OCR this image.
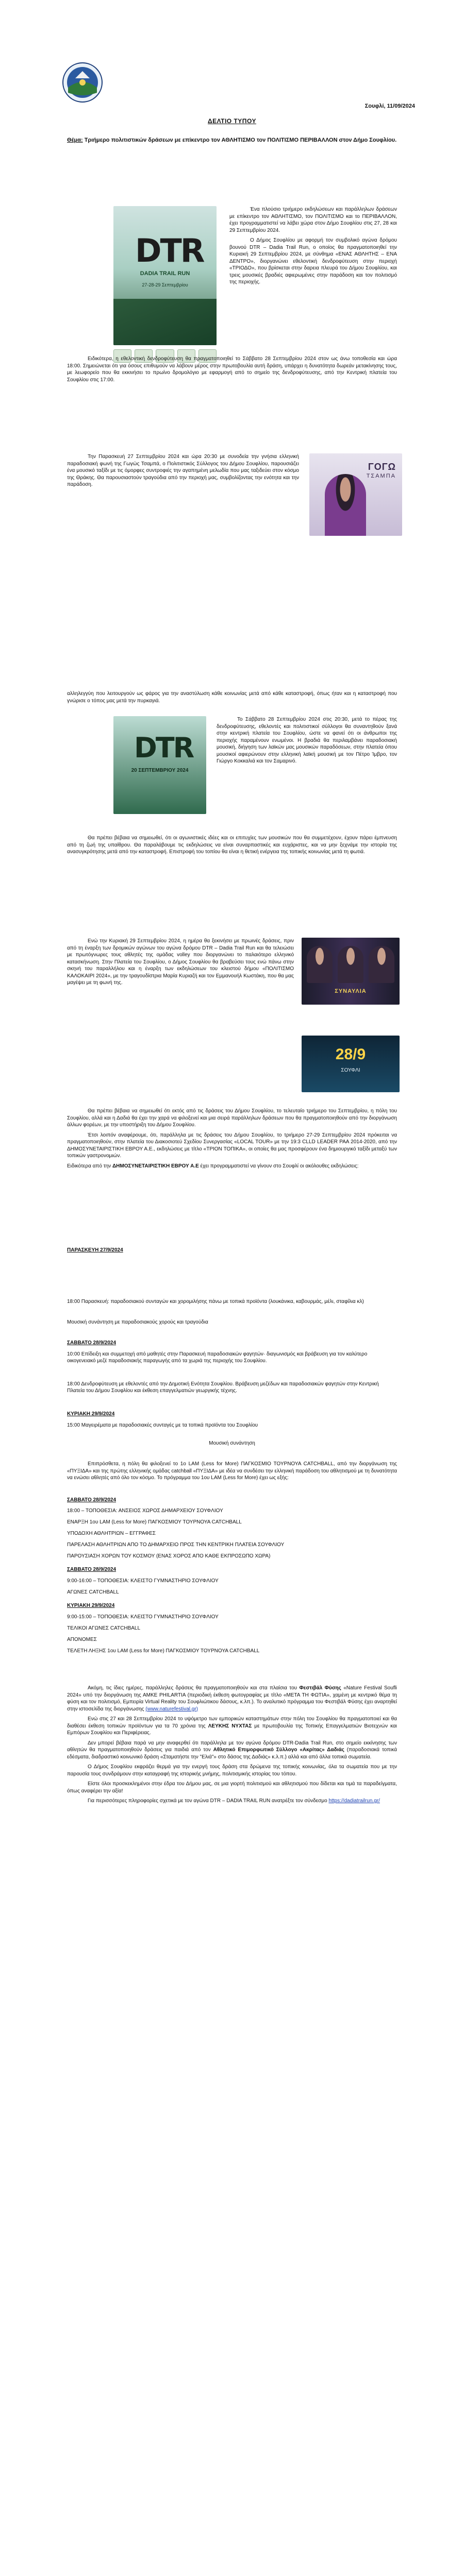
Σουφλί, 11/09/2024
ΔΕΛΤΙΟ ΤΥΠΟΥ
Θέμα: Τριήμερο πολιτιστικών δράσεων με επίκεντρο τον ΑΘΛΗΤΙΣΜΟ τον ΠΟΛΙΤΙΣΜΟ ΠΕΡΙΒΑΛΛΟΝ στον Δήμο Σουφλίου.
DTR
DADIA TRAIL RUN
27-28-29 Σεπτεμβρίου

Ένα πλούσιο τριήμερο εκδηλώσεων και παράλληλων δράσεων με επίκεντρο τον ΑΘΛΗΤΙΣΜΟ, τον ΠΟΛΙΤΙΣΜΟ και το ΠΕΡΙΒΑΛΛΟΝ, έχει προγραμματιστεί να λάβει χώρα στον Δήμο Σουφλίου στις 27, 28 και 29 Σεπτεμβρίου 2024.

Ο Δήμος Σουφλίου με αφορμή τον συμβολικό αγώνα δρόμου βουνού DTR – Dadia Trail Run, ο οποίος θα πραγματοποιηθεί την Κυριακή 29 Σεπτεμβρίου 2024, με σύνθημα «ΕΝΑΣ ΑΘΛΗΤΗΣ – ΕΝΑ ΔΕΝΤΡΟ», διοργανώνει εθελοντική δενδροφύτευση στην περιοχή «ΤΡΙΟΔΟ», που βρίσκεται στην δαρεια πλευρά του Δήμου Σουφλίου, και τρεις μουσικές βραδιές αφιερωμένες στην παράδοση και τον πολιτισμό της περιοχής.

Ειδικότερα, η εθελοντική δενδροφύτευση θα πραγματοποιηθεί το Σάββατο 28 Σεπτεμβρίου 2024 στον ως άνω τοποθεσία και ώρα 18:00. Σημειώνεται ότι για όσους επιθυμούν να λάβουν μέρος στην πρωτοβουλία αυτή δράση, υπάρχει η δυνατότητα δωρεάν μετακίνησης τους, με λεωφορείο που θα εκκινήσει το πρωίνο δρομολόγιο με εφαρμογή από το σημείο της δενδροφύτευσης, από την Κεντρική πλατεία του Σουφλίου στις 17:00.

ΓΟΓΩ
ΤΣΑΜΠΑ

Την Παρασκευή 27 Σεπτεμβρίου 2024 και ώρα 20:30 με συνοδεία την γνήσια ελληνική παραδοσιακή φωνή της Γωγώς Τσαμπά, ο Πολιτιστικός Σύλλογος του Δήμου Σουφλίου, παρουσιάζει ένα μουσικό ταξίδι με τις όμορφες συντροφιές την αγαπημένη μελωδία που μας ταξιδεύει στον κόσμο της Θράκης. Θα παρουσιαστούν τραγούδια από την περιοχή μας, συμβολίζοντας την ενότητα και την παράδοση.

αλληλεγγύη που λειτουργούν ως φάρος για την αναστύλωση κάθε κοινωνίας μετά από κάθε καταστροφή, όπως ήταν και η καταστροφή που γνώρισε ο τόπος μας μετά την πυρκαγιά.

DTR
20 ΣΕΠΤΕΜΒΡΙΟΥ 2024

Το Σάββατο 28 Σεπτεμβρίου 2024 στις 20:30, μετά το πέρας της δενδροφύτευσης, εθελοντές και πολιτιστικοί σύλλογοι θα συναντηθούν ξανά στην κεντρική πλατεία του Σουφλίου, ώστε να φανεί ότι οι άνθρωποι της περιοχής παραμένουν ενωμένοι. Η βραδιά θα περιλαμβάνει παραδοσιακή μουσική, διήγηση των λαϊκών μας μουσικών παραδόσεων, στην πλατεία όπου μουσικοί αφιερώνουν στην ελληνική λαϊκή μουσική με τον Πέτρο Ίμβρο, τον Γιώργο Κοκκαλιά και τον Σαμαρινό.

Θα πρέπει βέβαια να σημειωθεί, ότι οι αγωνιστικές ιδέες και οι επιτυχίες των μουσικών που θα συμμετέχουν, έχουν πάρει έμπνευση από τη ζωή της υπαίθρου. Θα παραλάβουμε τις εκδηλώσεις να είναι συναρπαστικές και ευχάριστες, και να μην ξεχνάμε την ιστορία της ανασυγκρότησης μετά από την καταστροφή. Επιστροφή του τοπίου θα είναι η θετική ενέργεια της τοπικής κοινωνίας μετά τη φωτιά.

Ενώ την Κυριακή 29 Σεπτεμβρίου 2024, η ημέρα θα ξεκινήσει με πρωινές δράσεις, πριν από τη έναρξη των δρομικών αγώνων του αγώνα δρόμου DTR – Dadia Trail Run και θα τελειώσει με πρωτόγνωρες τους αθλητές της ομάδας volley που διοργανώνει το παλαιότερο ελληνικό κατασκήνωση. Στην Πλατεία του Σουφλίου, ο Δήμος Σουφλίου θα βραβεύσει τους ενώ πάνω στην σκηνή του παραλλήλου και η έναρξη των εκδηλώσεων του κλειστού δήμου «ΠΟΛΙΤΙΣΜΟ ΚΑΛΟΚΑΙΡΙ 2024», με την τραγουδίστρια Μαρία Κυριαζή και τον Εμμανουήλ Κωστάκη, που θα μας μαγέψει με τη φωνή της.

ΣΥΝΑΥΛΙΑ
28/9
ΣΟΥΦΛΙ

Θα πρέπει βέβαια να σημειωθεί ότι εκτός από τις δράσεις του Δήμου Σουφλίου, το τελευταίο τριήμερο του Σεπτεμβρίου, η πόλη του Σουφλίου, αλλά και η Δαδιά θα έχει την χαρά να φιλοξενεί και μια σειρά παράλληλων δράσεων που θα πραγματοποιηθούν από την διοργάνωση άλλων φορέων, με την υποστήριξη του Δήμου Σουφλίου.

Έτσι λοιπόν αναφέρουμε, ότι, παράλληλα με τις δράσεις του Δήμου Σουφλίου, το τριήμερο 27-29 Σεπτεμβρίου 2024 πρόκειται να πραγματοποιηθούν, στην πλατεία του Διακοσιοτεύ Σχεδίου Συνεργασίας «LOCAL TOUR» με την 19:3 CLLD LEADER PAA 2014-2020, από την ΔΗΜΟΣΥΝΕΤΑΙΡΙΣΤΙΚΗ ΕΒΡΟΥ Α.Ε., εκδηλώσεις με τίτλο «ΤΡΙΟΝ ΤΟΠΙΚΑ», οι οποίες θα μας προσφέρουν ένα δημιουργικό ταξίδι μεταξύ των τοπικών γαστρονομιών.

Ειδικότερα από την ΔΗΜΟΣΥΝΕΤΑΙΡΙΣΤΙΚΗ ΕΒΡΟΥ Α.Ε έχει προγραμματιστεί να γίνουν στο Σουφλί οι ακόλουθες εκδηλώσεις:

ΠΑΡΑΣΚΕΥΗ 27/9/2024
18:00 Παρασκευή: παραδοσιακού συνταγών και χορομιλήσης πάνω με τοπικά προϊόντα (λουκάνικα, καβουρμάς, μέλι, σταφίλια κλ)
Μουσική συνάντηση με παραδοσιακούς χορούς και τραγούδια
ΣΑΒΒΑΤΟ 28/9/2024
10:00 Επίδειξη και συμμετοχή από μαθητές στην Παρασκευή παραδοσιακών φαγητών· διαγωνισμός και βράβευση για τον καλύτερο οικογενειακό μεζέ παραδοσιακής παραγωγής από τα χωριά της περιοχής του Σουφλίου.
18:00 Δενδροφύτευση με εθελοντές από την Δημοτική Ενότητα Σουφλίου. Βράβευση μεζέδων και παραδοσιακών φαγητών στην Κεντρική Πλατεία του Δήμου Σουφλίου και έκθεση επαγγελματιών γεωργικής τέχνης.
ΚΥΡΙΑΚΗ 29/9/2024
15:00 Μαγειρέματα με παραδοσιακές συνταγές με τα τοπικά προϊόντα του Σουφλίου
Μουσική συνάντηση

Επιπρόσθετα, η πόλη θα φιλοξενεί το 1ο LAM (Less for More) ΠΑΓΚΟΣΜΙΟ ΤΟΥΡΝΟΥΑ CATCHBALL, από την διοργάνωση της «ΠΥΞΙΔΑ» και της πρώτης ελληνικής ομάδας catchball «ΠΥΞΙΔΑ» με ιδέα να συνδέσει την ελληνική παράδοση του αθλητισμού με τη δυνατότητα να ενώσει αθλητές από όλο τον κόσμο. Το πρόγραμμα του 1ου LAM (Less for More) έχει ως εξής:

ΣΑΒΒΑΤΟ 28/9/2024
18:00 – ΤΟΠΟΘΕΣΙΑ: ΑΝΣΕΙΟΣ ΧΩΡΟΣ ΔΗΜΑΡΧΕΙΟΥ ΣΟΥΦΛΙΟΥ
ΕΝΑΡΞΗ 1ου LAM (Less for More) ΠΑΓΚΟΣΜΙΟΥ ΤΟΥΡΝΟΥΑ CATCHBALL
ΥΠΟΔΟΧΗ ΑΘΛΗΤΡΙΩΝ – ΕΓΓΡΑΦΕΣ
ΠΑΡΕΛΑΣΗ ΑΘΛΗΤΡΙΩΝ ΑΠΟ ΤΟ ΔΗΜΑΡΧΕΙΟ ΠΡΟΣ ΤΗΝ ΚΕΝΤΡΙΚΗ ΠΛΑΤΕΙΑ ΣΟΥΦΛΙΟΥ
ΠΑΡΟΥΣΙΑΣΗ ΧΟΡΩΝ ΤΟΥ ΚΟΣΜΟΥ (ΕΝΑΣ ΧΟΡΟΣ ΑΠΟ ΚΑΘΕ ΕΚΠΡΟΣΩΠΟ ΧΩΡΑ)
ΣΑΒΒΑΤΟ 28/9/2024
9:00-16:00 – ΤΟΠΟΘΕΣΙΑ: ΚΛΕΙΣΤΟ ΓΥΜΝΑΣΤΗΡΙΟ ΣΟΥΦΛΙΟΥ
ΑΓΩΝΕΣ CATCHBALL
ΚΥΡΙΑΚΗ 29/9/2024
9:00-15:00 – ΤΟΠΟΘΕΣΙΑ: ΚΛΕΙΣΤΟ ΓΥΜΝΑΣΤΗΡΙΟ ΣΟΥΦΛΙΟΥ
ΤΕΛΙΚΟΙ ΑΓΩΝΕΣ CATCHBALL
ΑΠΟΝΟΜΕΣ
ΤΕΛΕΤΗ ΛΗΞΗΣ 1ου LAM (Less for More) ΠΑΓΚΟΣΜΙΟΥ ΤΟΥΡΝΟΥΑ CATCHBALL

Ακόμη, τις ίδιες ημέρες, παράλληλες δράσεις θα πραγματοποιηθούν και στα πλαίσια του Φεστιβάλ Φύσης «Nature Festival Soufli 2024» υπό την διοργάνωση της ΑΜΚΕ PHILARTIA (περιοδική έκθεση φωτογραφίας με τίτλο «ΜΕΤΑ ΤΗ ΦΩΤΙΑ», χαμένη με κεντρικό θέμα τη φύση και τον πολιτισμό, Εμπειρία Virtual Reality του Σουφλιώτικου δάσους, κ.λπ.). Το αναλυτικό πρόγραμμα του Φεστιβάλ Φύσης έχει αναρτηθεί στην ιστοσελίδα της διοργάνωσης (www.naturefestival.gr)

Ενώ στις 27 και 28 Σεπτεμβρίου 2024 το υψόμετρο των εμπορικών καταστημάτων στην πόλη του Σουφλίου θα πραγματοποιεί και θα διαθέσει έκθεση τοπικών προϊόντων για τα 70 χρόνια της ΛΕΥΚΗΣ ΝΥΧΤΑΣ με πρωτοβουλία της Τοπικής Επαγγελματιών Βιοτεχνών και Εμπόρων Σουφλίου και Περιφέρειας.

Δεν μπορεί βέβαια παρά να μην αναφερθεί ότι παράλληλα με τον αγώνα δρόμου DTR-Dadia Trail Run, στο σημείο εκκίνησης των αθλητών θα πραγματοποιηθούν δράσεις για παιδιά από τον Αθλητικό Επιμορφωτικό Σύλλογο «Ακρίτας» Δαδιάς (παραδοσιακά τοπικά εδέσματα, διαδραστικό κοινωνικό δράση «Σταματήστε την "Ελιά"» στο δάσος της Δαδιάς» κ.λ.π.) αλλά και από άλλα τοπικά σωματεία.

Ο Δήμος Σουφλίου εκφράζει θερμά για την ενεργή τους δράση στα δρώμενα της τοπικής κοινωνίας, όλα τα σωματεία που με την παρουσία τους συνδράμουν στην καταγραφή της ιστορικής μνήμης, πολιτισμικής ιστορίας του τόπου.

Είστε όλοι προσκεκλημένοι στην έδρα του Δήμου μας, σε μια γιορτή πολιτισμού και αθλητισμού που δίδεται και τιμά τα παραδείγματα, όπως αναφέρει την αξία!

Για περισσότερες πληροφορίες σχετικά με τον αγώνα DTR – DADIA TRAIL RUN ανατρέξτε τον σύνδεσμο https://dadiatrailrun.gr/
